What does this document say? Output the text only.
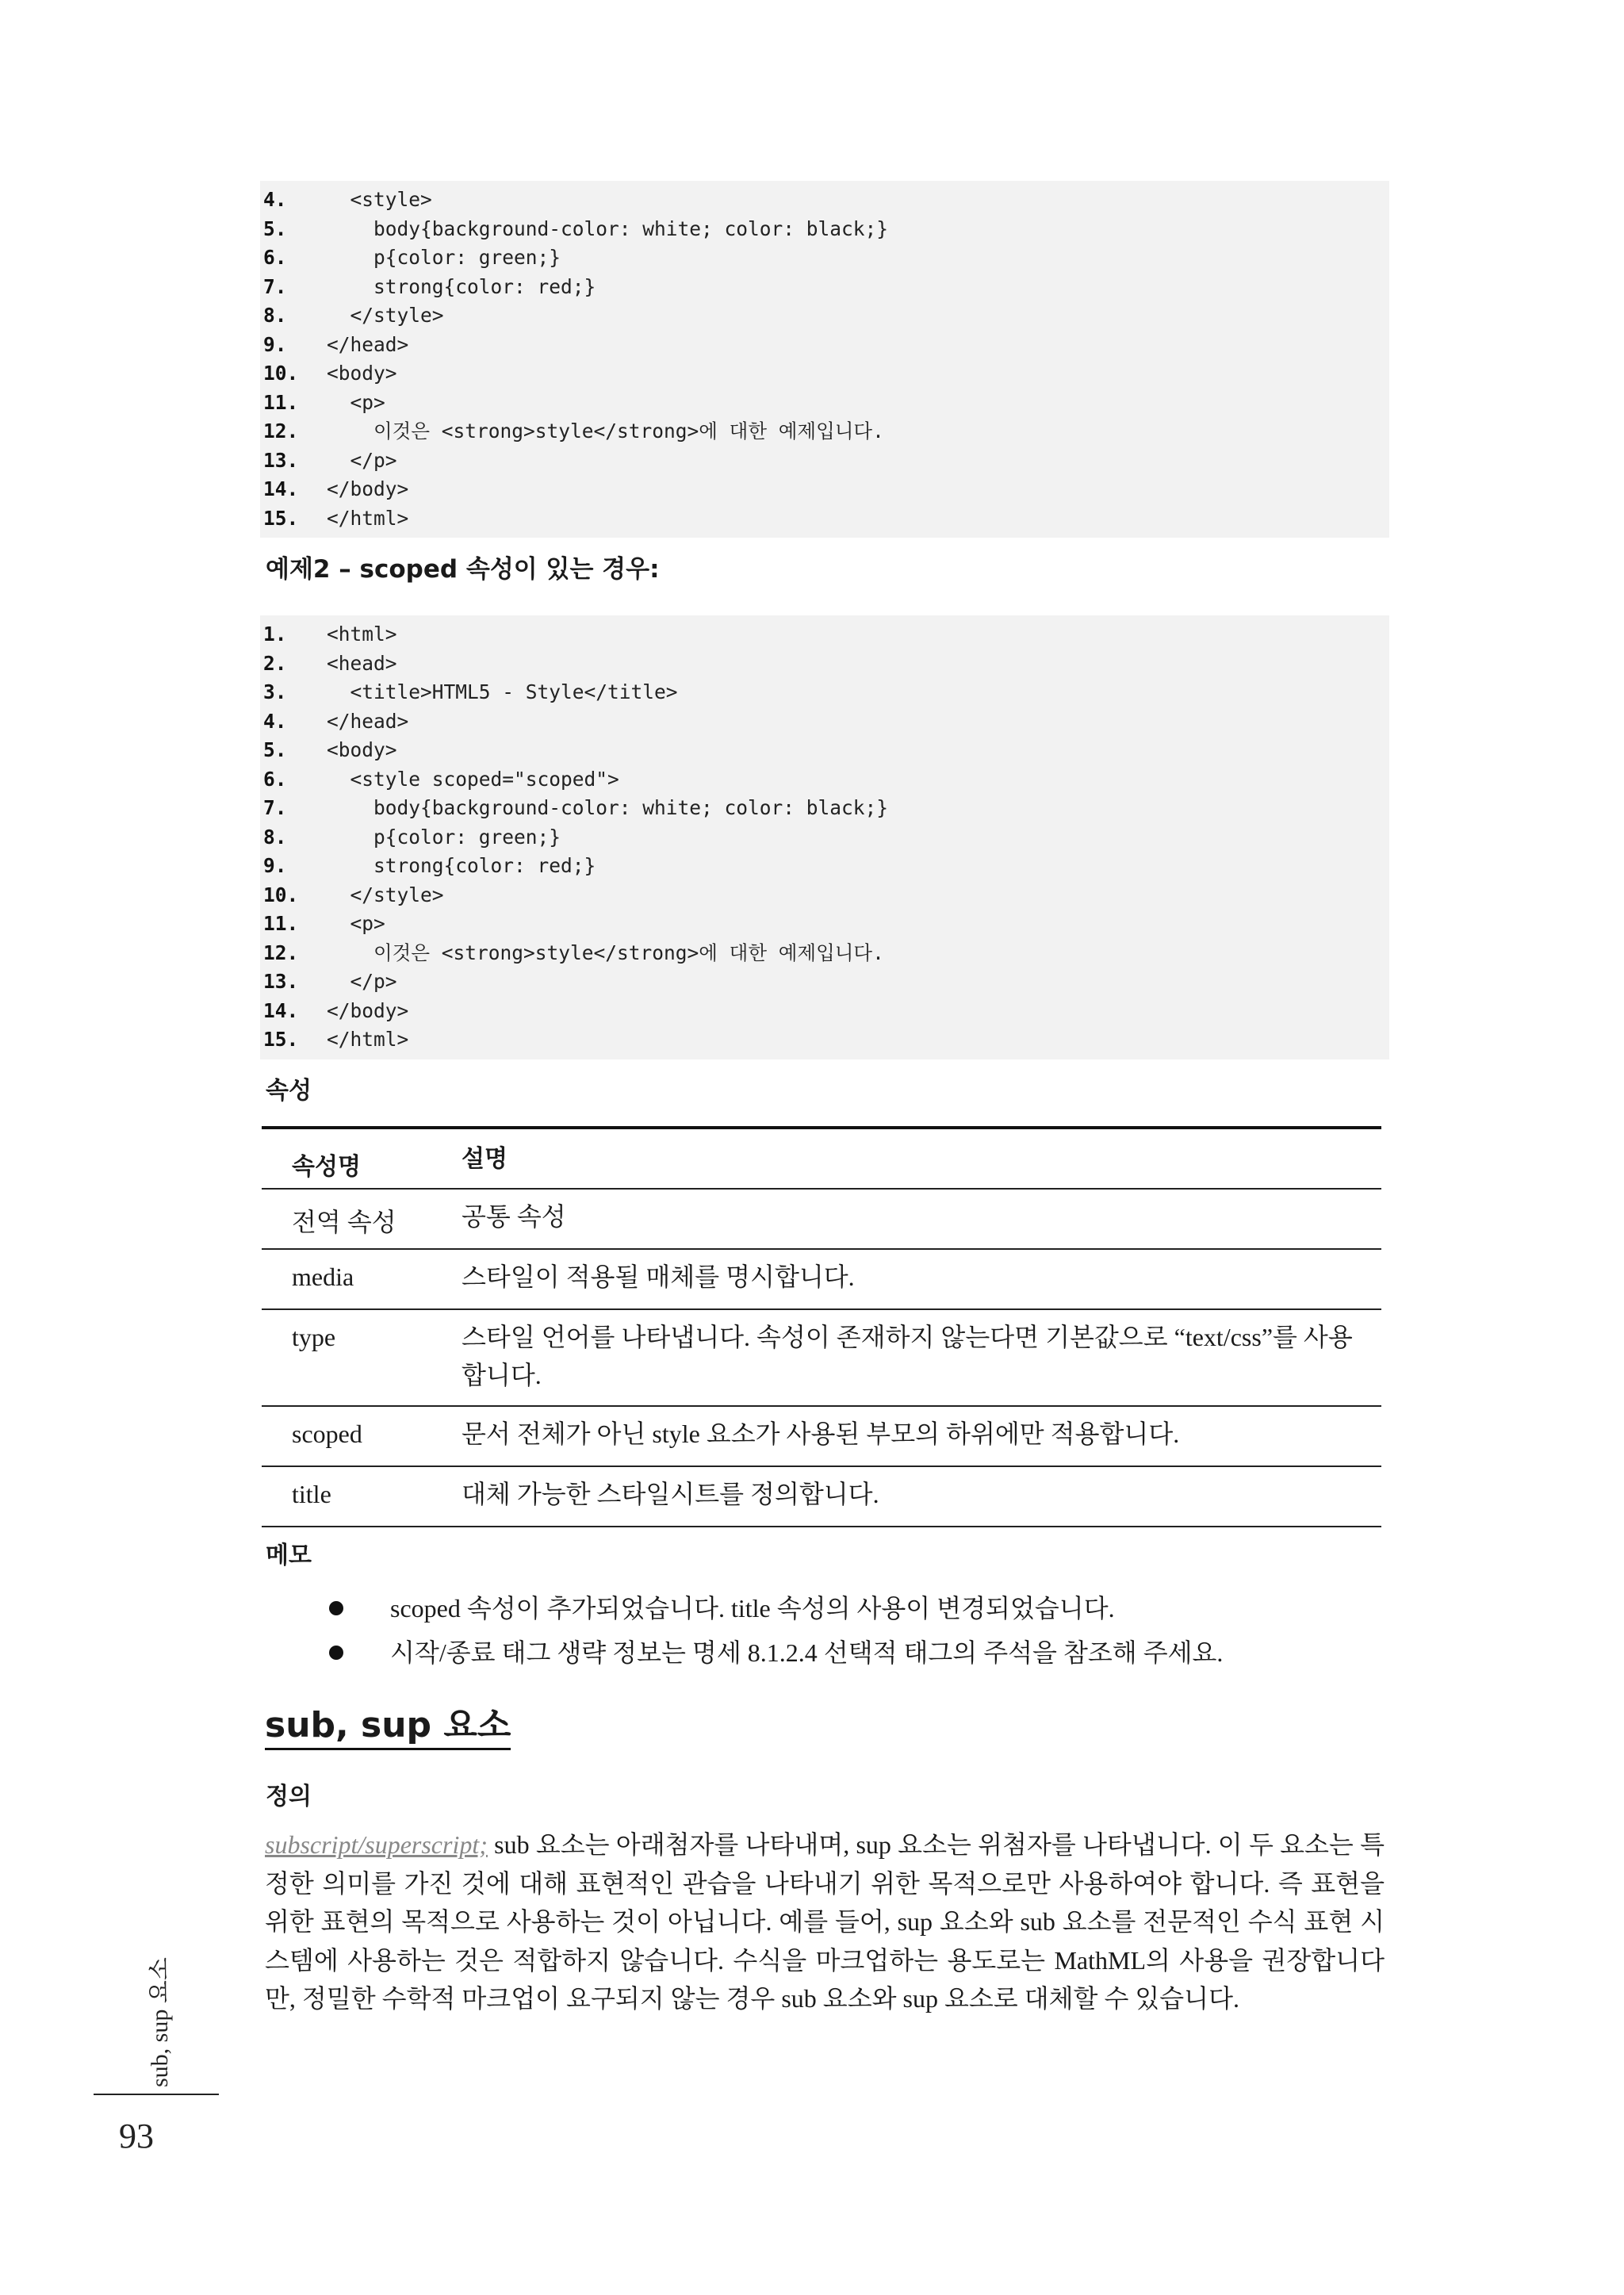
4. <style>
5. body{background-color: white; color: black;}
6. p{color: green;}
7. strong{color: red;}
8. </style>
9. </head>
10. <body>
11. <p>
12. 이것은 <strong>style</strong>에 대한 예제입니다.
13. </p>
14. </body>
15. </html>
예제2 – scoped 속성이 있는 경우:
1. <html>
2. <head>
3. <title>HTML5 - Style</title>
4. </head>
5. <body>
6. <style scoped="scoped">
7. body{background-color: white; color: black;}
8. p{color: green;}
9. strong{color: red;}
10. </style>
11. <p>
12. 이것은 <strong>style</strong>에 대한 예제입니다.
13. </p>
14. </body>
15. </html>
속성
속성명	설명
전역 속성	공통 속성
media	스타일이 적용될 매체를 명시합니다.
type	스타일 언어를 나타냅니다. 속성이 존재하지 않는다면 기본값으로 “text/css”를 사용합니다.
scoped	문서 전체가 아닌 style 요소가 사용된 부모의 하위에만 적용합니다.
title	대체 가능한 스타일시트를 정의합니다.
메모
scoped 속성이 추가되었습니다. title 속성의 사용이 변경되었습니다.
시작/종료 태그 생략 정보는 명세 8.1.2.4 선택적 태그의 주석을 참조해 주세요.
sub, sup 요소
정의
subscript/superscript; sub 요소는 아래첨자를 나타내며, sup 요소는 위첨자를 나타냅니다. 이 두 요소는 특정한 의미를 가진 것에 대해 표현적인 관습을 나타내기 위한 목적으로만 사용하여야 합니다. 즉 표현을 위한 표현의 목적으로 사용하는 것이 아닙니다. 예를 들어, sup 요소와 sub 요소를 전문적인 수식 표현 시스템에 사용하는 것은 적합하지 않습니다. 수식을 마크업하는 용도로는 MathML의 사용을 권장합니다만, 정밀한 수학적 마크업이 요구되지 않는 경우 sub 요소와 sup 요소로 대체할 수 있습니다.
sub, sup 요소
93
